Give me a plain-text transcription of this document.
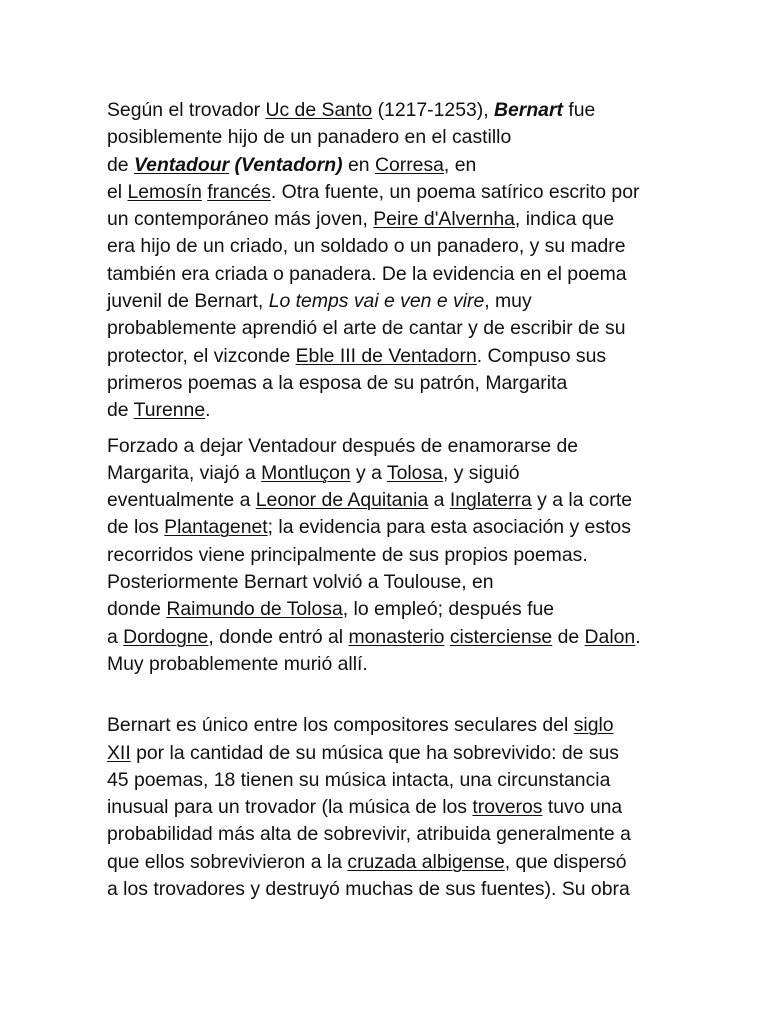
Según el trovador Uc de Santo (1217-1253), Bernart fue
posiblemente hijo de un panadero en el castillo
de Ventadour (Ventadorn) en Corresa, en
el Lemosín francés. Otra fuente, un poema satírico escrito por
un contemporáneo más joven, Peire d'Alvernha, indica que
era hijo de un criado, un soldado o un panadero, y su madre
también era criada o panadera. De la evidencia en el poema
juvenil de Bernart, Lo temps vai e ven e vire, muy
probablemente aprendió el arte de cantar y de escribir de su
protector, el vizconde Eble III de Ventadorn. Compuso sus
primeros poemas a la esposa de su patrón, Margarita
de Turenne.

Forzado a dejar Ventadour después de enamorarse de
Margarita, viajó a Montluçon y a Tolosa, y siguió
eventualmente a Leonor de Aquitania a Inglaterra y a la corte
de los Plantagenet; la evidencia para esta asociación y estos
recorridos viene principalmente de sus propios poemas.
Posteriormente Bernart volvió a Toulouse, en
donde Raimundo de Tolosa, lo empleó; después fue
a Dordogne, donde entró al monasterio cisterciense de Dalon.
Muy probablemente murió allí.

Bernart es único entre los compositores seculares del siglo
XII por la cantidad de su música que ha sobrevivido: de sus
45 poemas, 18 tienen su música intacta, una circunstancia
inusual para un trovador (la música de los troveros tuvo una
probabilidad más alta de sobrevivir, atribuida generalmente a
que ellos sobrevivieron a la cruzada albigense, que dispersó
a los trovadores y destruyó muchas de sus fuentes). Su obra
